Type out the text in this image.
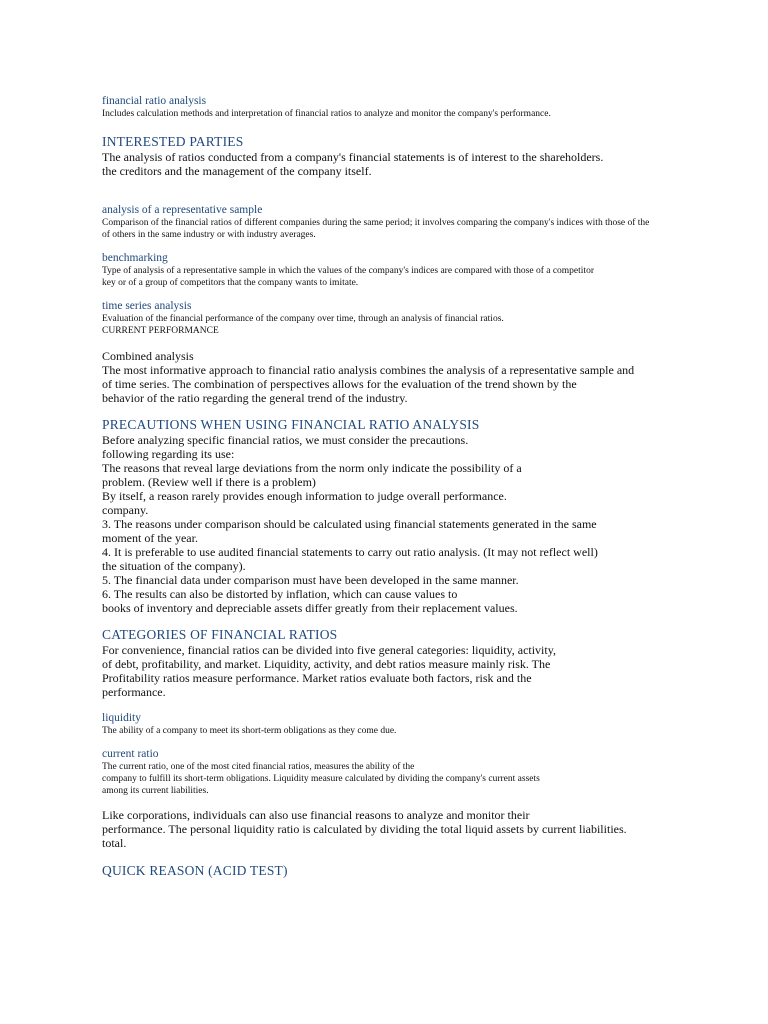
financial ratio analysis
Includes calculation methods and interpretation of financial ratios to analyze and monitor the company's performance.
INTERESTED PARTIES
The analysis of ratios conducted from a company's financial statements is of interest to the shareholders.
the creditors and the management of the company itself.
analysis of a representative sample
Comparison of the financial ratios of different companies during the same period; it involves comparing the company's indices with those of the
of others in the same industry or with industry averages.
benchmarking
Type of analysis of a representative sample in which the values of the company's indices are compared with those of a competitor
key or of a group of competitors that the company wants to imitate.
time series analysis
Evaluation of the financial performance of the company over time, through an analysis of financial ratios.
CURRENT PERFORMANCE
Combined analysis
The most informative approach to financial ratio analysis combines the analysis of a representative sample and
of time series. The combination of perspectives allows for the evaluation of the trend shown by the
behavior of the ratio regarding the general trend of the industry.
PRECAUTIONS WHEN USING FINANCIAL RATIO ANALYSIS
Before analyzing specific financial ratios, we must consider the precautions.
following regarding its use:
The reasons that reveal large deviations from the norm only indicate the possibility of a
problem. (Review well if there is a problem)
By itself, a reason rarely provides enough information to judge overall performance.
company.
3. The reasons under comparison should be calculated using financial statements generated in the same
moment of the year.
4. It is preferable to use audited financial statements to carry out ratio analysis. (It may not reflect well)
the situation of the company).
5. The financial data under comparison must have been developed in the same manner.
6. The results can also be distorted by inflation, which can cause values to
books of inventory and depreciable assets differ greatly from their replacement values.
CATEGORIES OF FINANCIAL RATIOS
For convenience, financial ratios can be divided into five general categories: liquidity, activity,
of debt, profitability, and market. Liquidity, activity, and debt ratios measure mainly risk. The
Profitability ratios measure performance. Market ratios evaluate both factors, risk and the
performance.
liquidity
The ability of a company to meet its short-term obligations as they come due.
current ratio
The current ratio, one of the most cited financial ratios, measures the ability of the
company to fulfill its short-term obligations. Liquidity measure calculated by dividing the company's current assets
among its current liabilities.
Like corporations, individuals can also use financial reasons to analyze and monitor their
performance. The personal liquidity ratio is calculated by dividing the total liquid assets by current liabilities.
total.
QUICK REASON (ACID TEST)
